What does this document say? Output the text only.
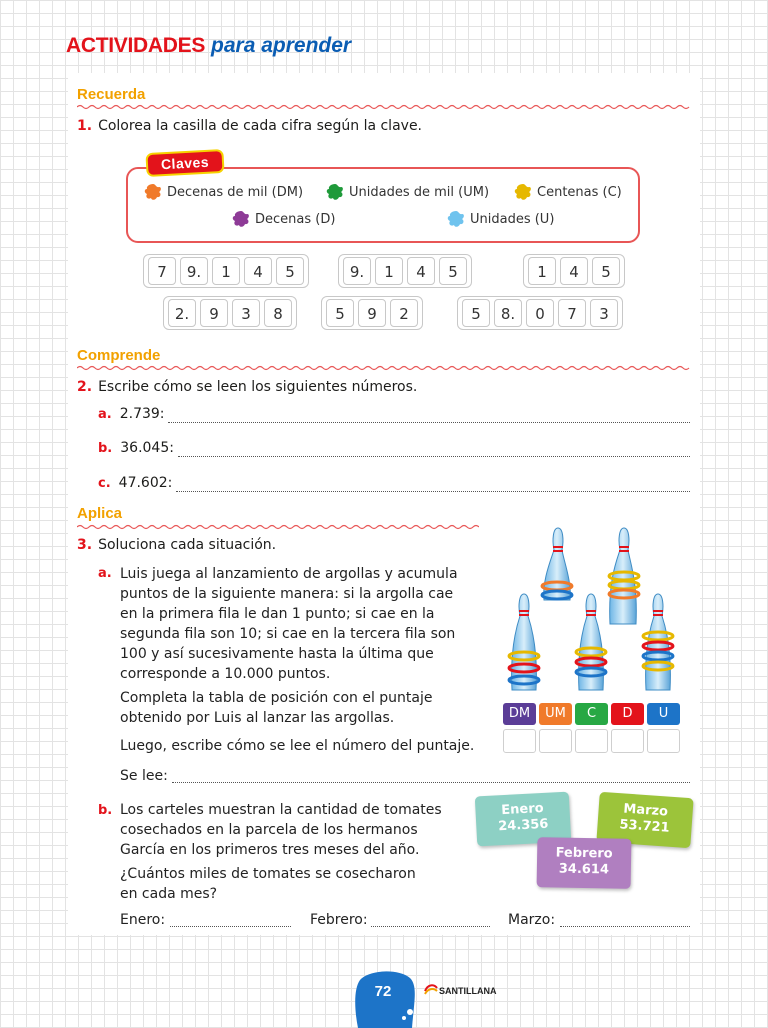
ACTIVIDADES para aprender
Recuerda
1. Colorea la casilla de cada cifra según la clave.
Claves
Decenas de mil (DM)	Unidades de mil (UM)	Centenas (C)
Decenas (D)	Unidades (U)
7	9.	1	4	5	9.	1	4	5	1	4	5
2.	9	3	8	5	9	2	5	8.	0	7	3
Comprende
2. Escribe cómo se leen los siguientes números.
a. 2.739:
b. 36.045:
c. 47.602:
Aplica
3. Soluciona cada situación.
a. Luis juega al lanzamiento de argollas y acumula
puntos de la siguiente manera: si la argolla cae
en la primera fila le dan 1 punto; si cae en la
segunda fila son 10; si cae en la tercera fila son
100 y así sucesivamente hasta la última que
corresponde a 10.000 puntos.
Completa la tabla de posición con el puntaje
obtenido por Luis al lanzar las argollas.
Luego, escribe cómo se lee el número del puntaje.
Se lee:
DM	UM	C	D	U
b. Los carteles muestran la cantidad de tomates
cosechados en la parcela de los hermanos
García en los primeros tres meses del año.
¿Cuántos miles de tomates se cosecharon
en cada mes?
Enero
24.356
Marzo
53.721
Febrero
34.614
Enero:	Febrero:	Marzo:
72	SANTILLANA
